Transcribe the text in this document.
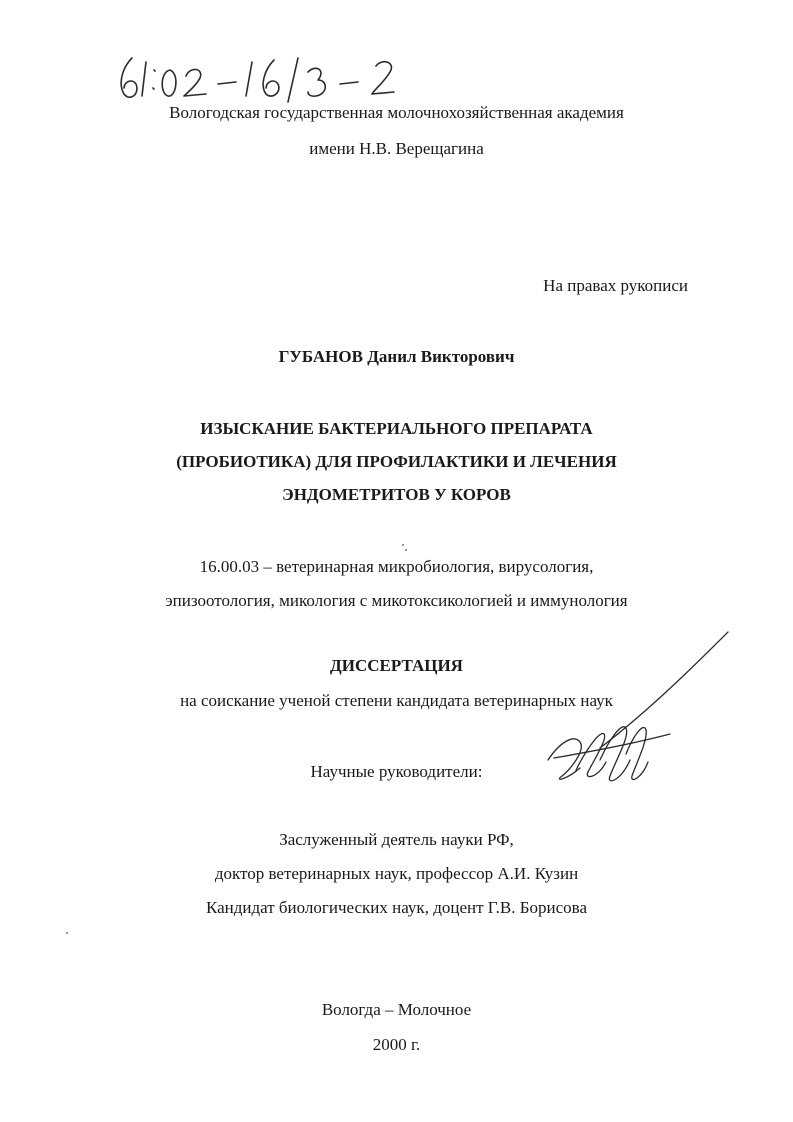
Вологодская государственная молочнохозяйственная академия
имени Н.В. Верещагина
На правах рукописи
ГУБАНОВ Данил Викторович
ИЗЫСКАНИЕ БАКТЕРИАЛЬНОГО ПРЕПАРАТА
(ПРОБИОТИКА) ДЛЯ ПРОФИЛАКТИКИ И ЛЕЧЕНИЯ
ЭНДОМЕТРИТОВ У КОРОВ
16.00.03 – ветеринарная микробиология, вирусология,
эпизоотология, микология с микотоксикологией и иммунология
ДИССЕРТАЦИЯ
на соискание ученой степени кандидата ветеринарных наук
Научные руководители:
Заслуженный деятель науки РФ,
доктор ветеринарных наук, профессор А.И. Кузин
Кандидат биологических наук, доцент Г.В. Борисова
Вологда – Молочное
2000 г.
